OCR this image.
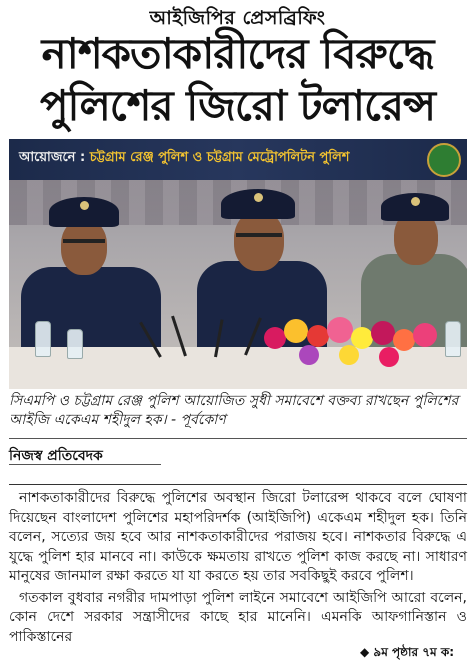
আইজিপির প্রেসব্রিফিং
নাশকতাকারীদের বিরুদ্ধে
পুলিশের জিরো টলারেন্স
আয়োজনে : চট্টগ্রাম রেঞ্জ পুলিশ ও চট্টগ্রাম মেট্রোপলিটন পুলিশ
সিএমপি ও চট্টগ্রাম রেঞ্জ পুলিশ আয়োজিত সুধী সমাবেশে বক্তব্য রাখছেন পুলিশের আইজি একেএম শহীদুল হক। - পূর্বকোণ
নিজস্ব প্রতিবেদক

নাশকতাকারীদের বিরুদ্ধে পুলিশের অবস্থান জিরো টলারেন্স থাকবে বলে ঘোষণা দিয়েছেন বাংলাদেশ পুলিশের মহাপরিদর্শক (আইজিপি) একেএম শহীদুল হক। তিনি বলেন, সত্যের জয় হবে আর নাশকতাকারীদের পরাজয় হবে। নাশকতার বিরুদ্ধে এ যুদ্ধে পুলিশ হার মানবে না। কাউকে ক্ষমতায় রাখতে পুলিশ কাজ করছে না। সাধারণ মানুষের জানমাল রক্ষা করতে যা যা করতে হয় তার সবকিছুই করবে পুলিশ।

গতকাল বুধবার নগরীর দামপাড়া পুলিশ লাইনে সমাবেশে আইজিপি আরো বলেন, কোন দেশে সরকার সন্ত্রাসীদের কাছে হার মানেনি। এমনকি আফগানিস্তান ও পাকিস্তানের

◆ ৯ম পৃষ্ঠার ৭ম ক:
